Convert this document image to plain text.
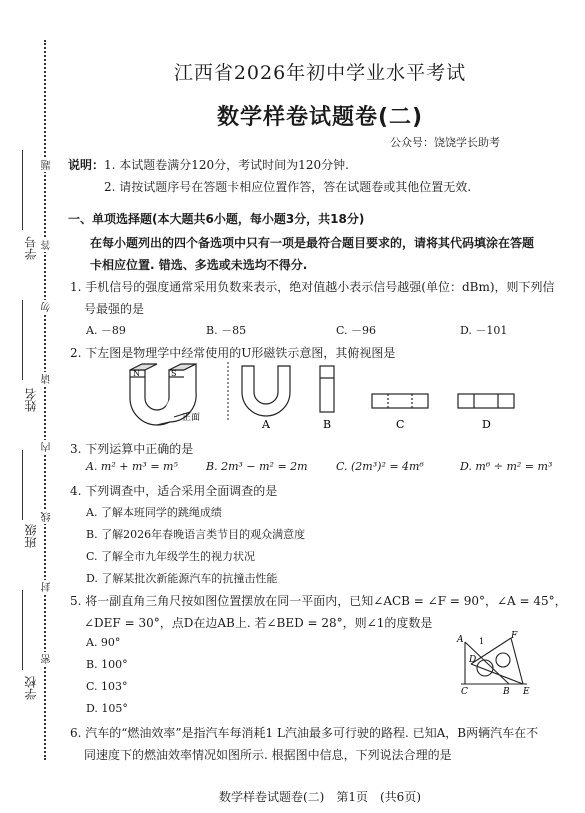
学号
姓名
班级
学校
题
答
勿
请
内
线
封
密
江西省2026年初中学业水平考试
数学样卷试题卷(二)
公众号：饶饶学长助考
说明：1. 本试题卷满分120分，考试时间为120分钟.
2. 请按试题序号在答题卡相应位置作答，答在试题卷或其他位置无效.
一、单项选择题(本大题共6小题，每小题3分，共18分)
在每小题列出的四个备选项中只有一项是最符合题目要求的，请将其代码填涂在答题
卡相应位置. 错选、多选或未选均不得分.
1. 手机信号的强度通常采用负数来表示，绝对值越小表示信号越强(单位：dBm)，则下列信
号最强的是
A. －89	B. －85	C. －96	D. －101
2. 下左图是物理学中经常使用的U形磁铁示意图，其俯视图是
N	S
正面	A	B	C	D
3. 下列运算中正确的是
A. m² + m³ = m⁵	B. 2m³ − m² = 2m	C. (2m³)² = 4m⁶	D. m⁶ ÷ m² = m³
4. 下列调查中，适合采用全面调查的是
A. 了解本班同学的跳绳成绩
B. 了解2026年春晚语言类节目的观众满意度
C. 了解全市九年级学生的视力状况
D. 了解某批次新能源汽车的抗撞击性能
5. 将一副直角三角尺按如图位置摆放在同一平面内，已知∠ACB = ∠F = 90°，∠A = 45°，
∠DEF = 30°，点D在边AB上. 若∠BED = 28°，则∠1的度数是
A. 90°
B. 100°
C. 103°
D. 105°
A 1
F
D
C	B E
6. 汽车的“燃油效率”是指汽车每消耗1 L汽油最多可行驶的路程. 已知A，B两辆汽车在不
同速度下的燃油效率情况如图所示. 根据图中信息，下列说法合理的是
数学样卷试题卷(二)　第1页　(共6页)
